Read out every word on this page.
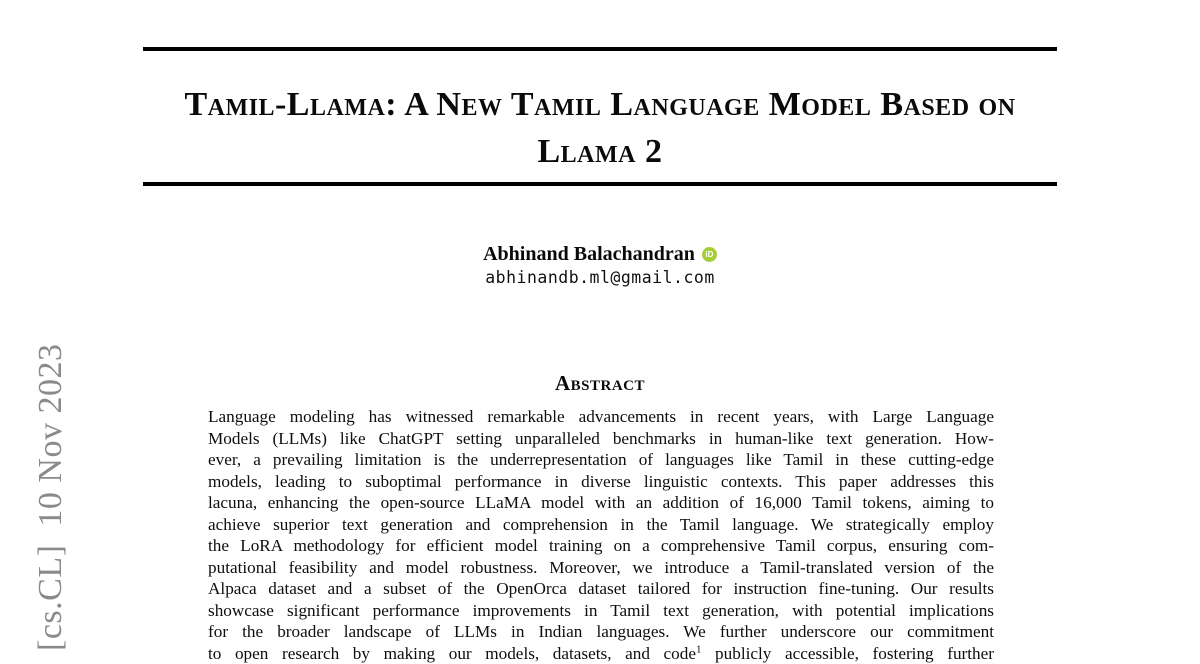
[cs.CL]  10 Nov 2023
Tamil-Llama: A New Tamil Language Model Based on
Llama 2
Abhinand Balachandran	iD
abhinandb.ml@gmail.com
Abstract
Language modeling has witnessed remarkable advancements in recent years, with Large Language
Models (LLMs) like ChatGPT setting unparalleled benchmarks in human-like text generation. How-
ever, a prevailing limitation is the underrepresentation of languages like Tamil in these cutting-edge
models, leading to suboptimal performance in diverse linguistic contexts. This paper addresses this
lacuna, enhancing the open-source LLaMA model with an addition of 16,000 Tamil tokens, aiming to
achieve superior text generation and comprehension in the Tamil language. We strategically employ
the LoRA methodology for efficient model training on a comprehensive Tamil corpus, ensuring com-
putational feasibility and model robustness. Moreover, we introduce a Tamil-translated version of the
Alpaca dataset and a subset of the OpenOrca dataset tailored for instruction fine-tuning. Our results
showcase significant performance improvements in Tamil text generation, with potential implications
for the broader landscape of LLMs in Indian languages. We further underscore our commitment
to open research by making our models, datasets, and code$^1$ publicly accessible, fostering further
